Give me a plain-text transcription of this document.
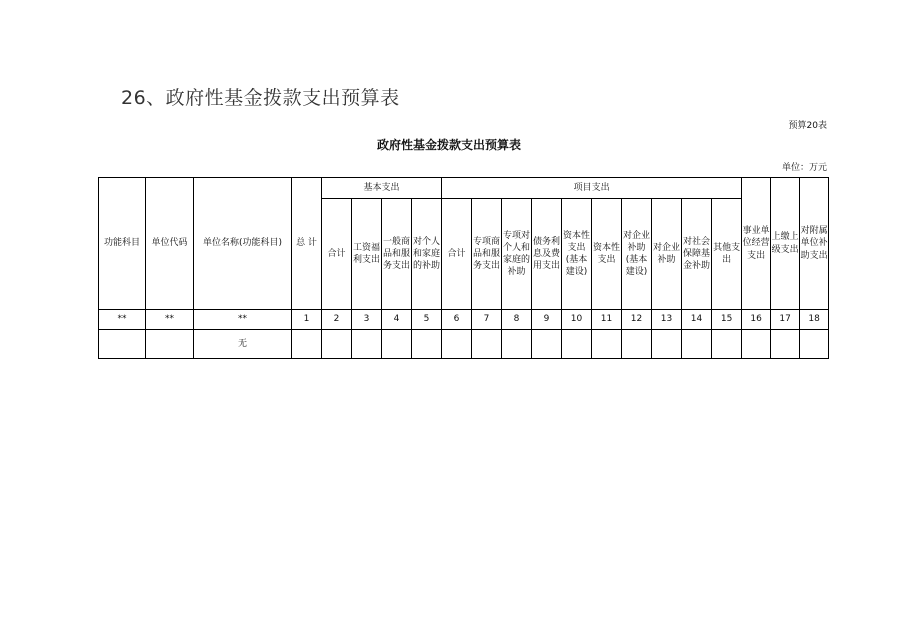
26、政府性基金拨款支出预算表
预算20表
政府性基金拨款支出预算表
单位：万元
功能科目	单位代码	单位名称(功能科目)	总 计	基本支出				项目支出										事业单位经营支出	上缴上级支出	对附属单位补助支出
				合计	工资福利支出	一般商品和服务支出	对个人和家庭的补助	合计	专项商品和服务支出	专项对个人和家庭的补助	债务利息及费用支出	资本性支出(基本建设)	资本性支出	对企业补助(基本建设)	对企业补助	对社会保障基金补助	其他支出			
**	**	**	1	2	3	4	5	6	7	8	9	10	11	12	13	14	15	16	17	18
		无																		
